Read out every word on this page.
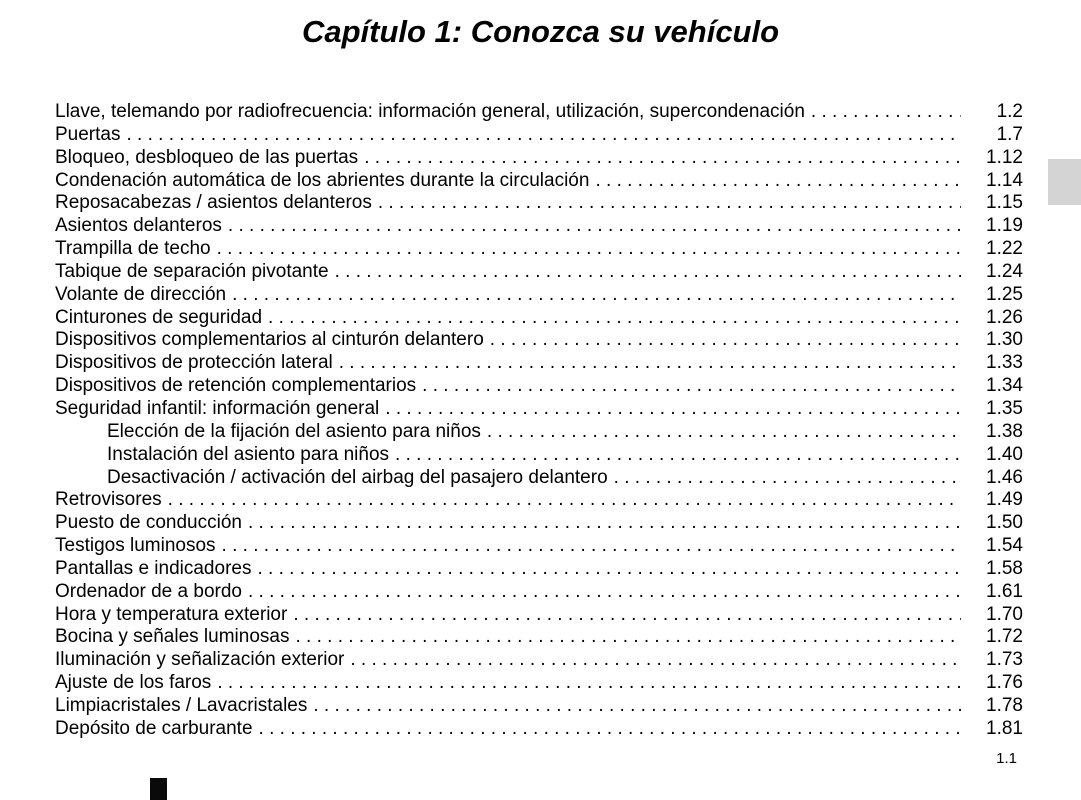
Capítulo 1: Conozca su vehículo
Llave, telemando por radiofrecuencia: información general, utilización, supercondenación . . .	1.2
Puertas . . .	1.7
Bloqueo, desbloqueo de las puertas . . .	1.12
Condenación automática de los abrientes durante la circulación . . .	1.14
Reposacabezas / asientos delanteros . . .	1.15
Asientos delanteros . . .	1.19
Trampilla de techo . . .	1.22
Tabique de separación pivotante . . .	1.24
Volante de dirección . . .	1.25
Cinturones de seguridad . . .	1.26
Dispositivos complementarios al cinturón delantero . . .	1.30
Dispositivos de protección lateral . . .	1.33
Dispositivos de retención complementarios . . .	1.34
Seguridad infantil: información general . . .	1.35
Elección de la fijación del asiento para niños . . .	1.38
Instalación del asiento para niños . . .	1.40
Desactivación / activación del airbag del pasajero delantero . . .	1.46
Retrovisores . . .	1.49
Puesto de conducción . . .	1.50
Testigos luminosos . . .	1.54
Pantallas e indicadores . . .	1.58
Ordenador de a bordo . . .	1.61
Hora y temperatura exterior . . .	1.70
Bocina y señales luminosas . . .	1.72
Iluminación y señalización exterior . . .	1.73
Ajuste de los faros . . .	1.76
Limpiacristales / Lavacristales . . .	1.78
Depósito de carburante . . .	1.81
1.1
